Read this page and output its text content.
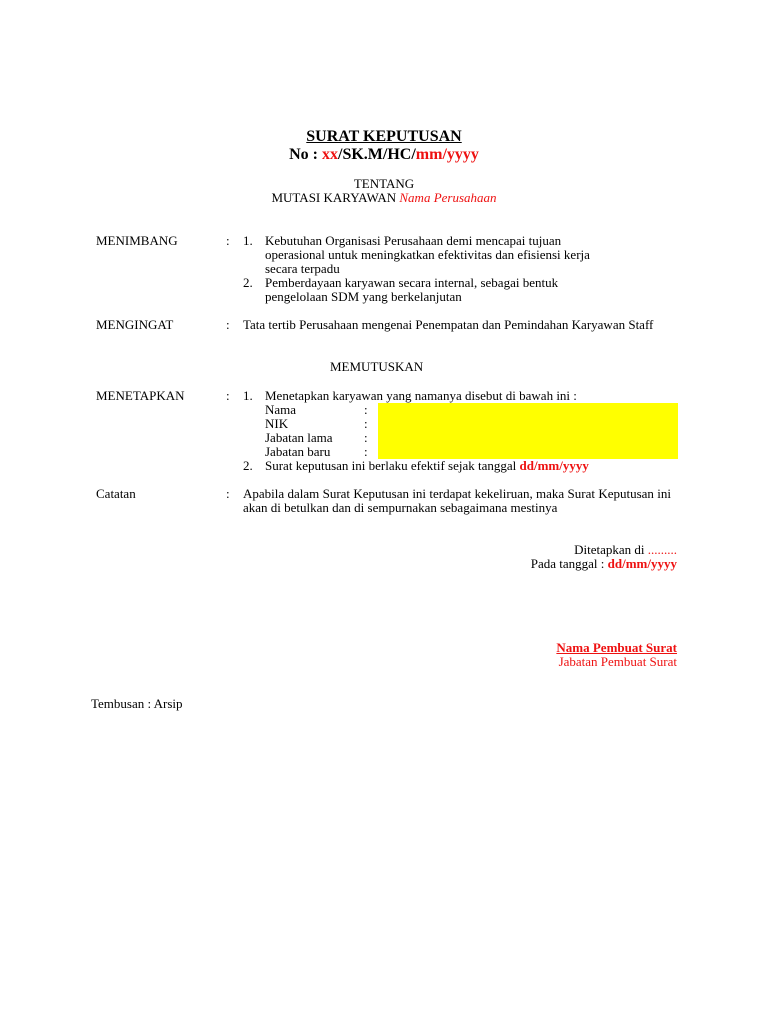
SURAT KEPUTUSAN
No : xx/SK.M/HC/mm/yyyy
TENTANG
MUTASI KARYAWAN Nama Perusahaan
MENIMBANG	: 1. Kebutuhan Organisasi Perusahaan demi mencapai tujuan
operasional untuk meningkatkan efektivitas dan efisiensi kerja
secara terpadu
2. Pemberdayaan karyawan secara internal, sebagai bentuk
pengelolaan SDM yang berkelanjutan
MENGINGAT	: Tata tertib Perusahaan mengenai Penempatan dan Pemindahan Karyawan Staff
MEMUTUSKAN
MENETAPKAN	: 1. Menetapkan karyawan yang namanya disebut di bawah ini :
Nama	:
NIK	:
Jabatan lama :
Jabatan baru	:
2. Surat keputusan ini berlaku efektif sejak tanggal dd/mm/yyyy
Catatan	: Apabila dalam Surat Keputusan ini terdapat kekeliruan, maka Surat Keputusan ini akan di betulkan dan di sempurnakan sebagaimana mestinya
Ditetapkan di .........
Pada tanggal : dd/mm/yyyy
Nama Pembuat Surat
Jabatan Pembuat Surat
Tembusan : Arsip
